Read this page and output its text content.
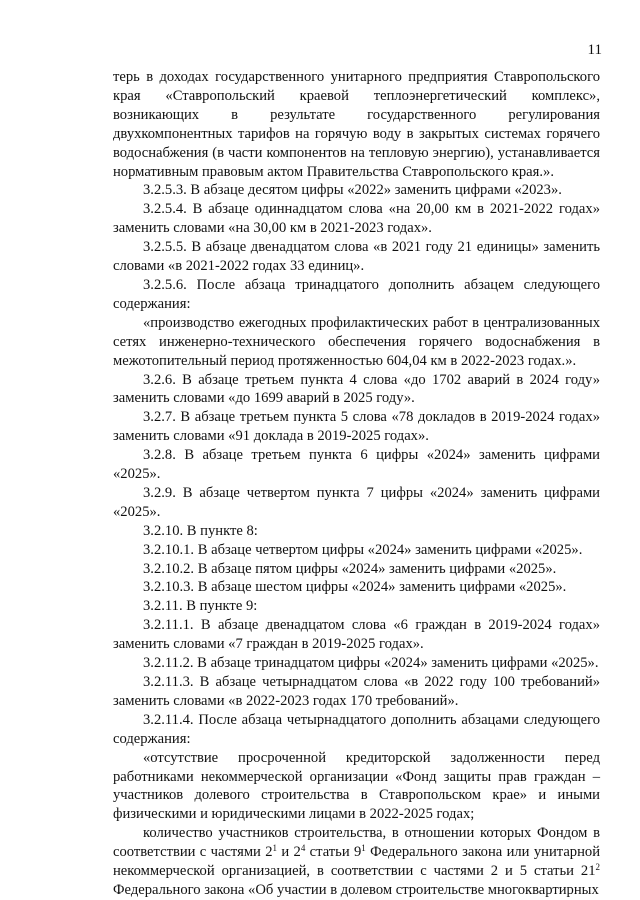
11

терь в доходах государственного унитарного предприятия Ставропольского края «Ставропольский краевой теплоэнергетический комплекс», возникающих в результате государственного регулирования двухкомпонентных тарифов на горячую воду в закрытых системах горячего водоснабжения (в части компонентов на тепловую энергию), устанавливается нормативным правовым актом Правительства Ставропольского края.».

3.2.5.3. В абзаце десятом цифры «2022» заменить цифрами «2023».

3.2.5.4. В абзаце одиннадцатом слова «на 20,00 км в 2021-2022 годах» заменить словами «на 30,00 км в 2021-2023 годах».

3.2.5.5. В абзаце двенадцатом слова «в 2021 году 21 единицы» заменить словами «в 2021-2022 годах 33 единиц».

3.2.5.6. После абзаца тринадцатого дополнить абзацем следующего содержания:

«производство ежегодных профилактических работ в централизованных сетях инженерно-технического обеспечения горячего водоснабжения в межотопительный период протяженностью 604,04 км в 2022-2023 годах.».

3.2.6. В абзаце третьем пункта 4 слова «до 1702 аварий в 2024 году» заменить словами «до 1699 аварий в 2025 году».

3.2.7. В абзаце третьем пункта 5 слова «78 докладов в 2019-2024 годах» заменить словами «91 доклада в 2019-2025 годах».

3.2.8. В абзаце третьем пункта 6 цифры «2024» заменить цифрами «2025».

3.2.9. В абзаце четвертом пункта 7 цифры «2024» заменить цифрами «2025».

3.2.10. В пункте 8:

3.2.10.1. В абзаце четвертом цифры «2024» заменить цифрами «2025».

3.2.10.2. В абзаце пятом цифры «2024» заменить цифрами «2025».

3.2.10.3. В абзаце шестом цифры «2024» заменить цифрами «2025».

3.2.11. В пункте 9:

3.2.11.1. В абзаце двенадцатом слова «6 граждан в 2019-2024 годах» заменить словами «7 граждан в 2019-2025 годах».

3.2.11.2. В абзаце тринадцатом цифры «2024» заменить цифрами «2025».

3.2.11.3. В абзаце четырнадцатом слова «в 2022 году 100 требований» заменить словами «в 2022-2023 годах 170 требований».

3.2.11.4. После абзаца четырнадцатого дополнить абзацами следующего содержания:

«отсутствие просроченной кредиторской задолженности перед работниками некоммерческой организации «Фонд защиты прав граждан – участников долевого строительства в Ставропольском крае» и иными физическими и юридическими лицами в 2022-2025 годах;

количество участников строительства, в отношении которых Фондом в соответствии с частями $2^1$ и $2^4$ статьи $9^1$ Федерального закона или унитарной некоммерческой организацией, в соответствии с частями 2 и 5 статьи $21^2$ Федерального закона «Об участии в долевом строительстве многоквартирных
